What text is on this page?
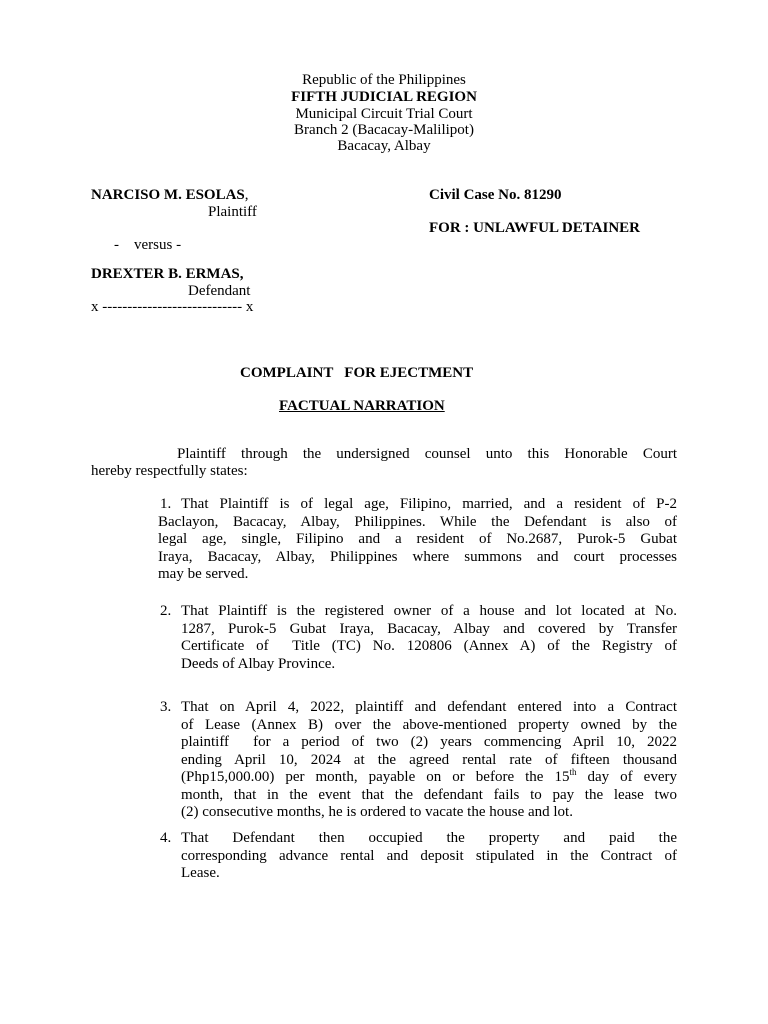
Republic of the Philippines
FIFTH JUDICIAL REGION
Municipal Circuit Trial Court
Branch 2 (Bacacay-Malilipot)
Bacacay, Albay
NARCISO M. ESOLAS,
Plaintiff
-    versus -
DREXTER B. ERMAS,
Defendant
x ---------------------------- x
Civil Case No. 81290
FOR : UNLAWFUL DETAINER
COMPLAINT   FOR EJECTMENT
FACTUAL NARRATION
Plaintiff through the undersigned counsel unto this Honorable Court
hereby respectfully states:
1. That Plaintiff is of legal age, Filipino, married, and a resident of P-2
Baclayon, Bacacay, Albay, Philippines. While the Defendant is also of
legal age, single, Filipino and a resident of No.2687, Purok-5 Gubat
Iraya, Bacacay, Albay, Philippines where summons and court processes
may be served.
2. That Plaintiff is the registered owner of a house and lot located at No.
1287, Purok-5 Gubat Iraya, Bacacay, Albay and covered by Transfer
Certificate of  Title (TC) No. 120806 (Annex A) of the Registry of
Deeds of Albay Province.
3. That on April 4, 2022, plaintiff and defendant entered into a Contract
of Lease (Annex B) over the above-mentioned property owned by the
plaintiff  for a period of two (2) years commencing April 10, 2022
ending April 10, 2024 at the agreed rental rate of fifteen thousand
(Php15,000.00) per month, payable on or before the 15th day of every
month, that in the event that the defendant fails to pay the lease two
(2) consecutive months, he is ordered to vacate the house and lot.
4. That  Defendant  then  occupied  the  property  and  paid  the
corresponding advance rental and deposit stipulated in the Contract of
Lease.
